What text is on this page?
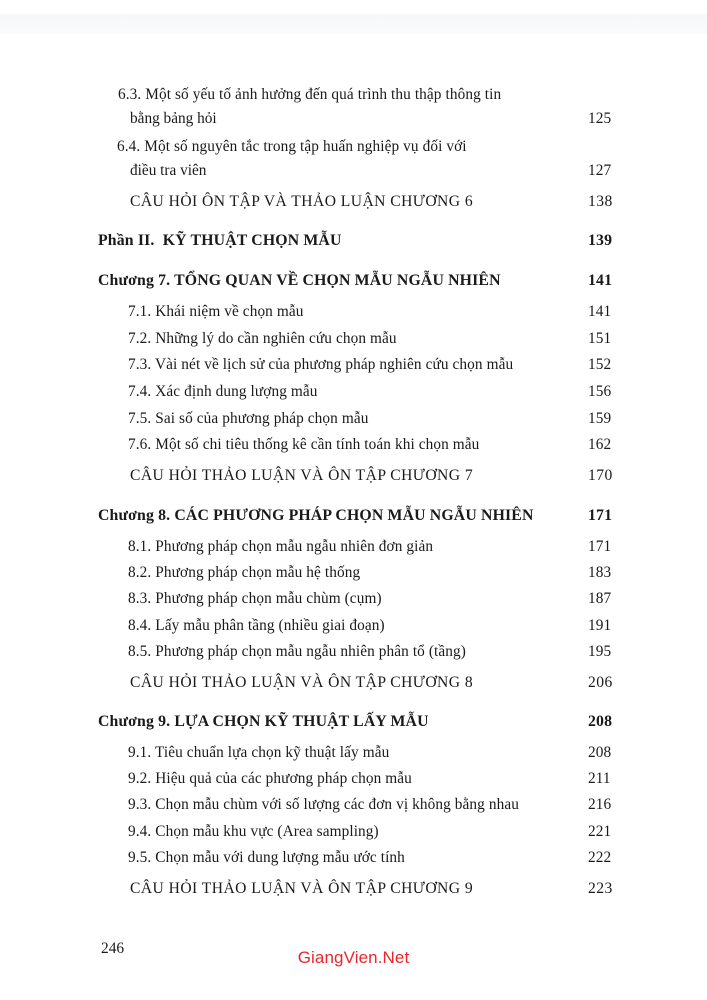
6.3. Một số yếu tố ảnh hưởng đến quá trình thu thập thông tin
bằng bảng hỏi	125
6.4. Một số nguyên tắc trong tập huấn nghiệp vụ đối với
điều tra viên	127
CÂU HỎI ÔN TẬP VÀ THẢO LUẬN CHƯƠNG 6	138
Phần II.  KỸ THUẬT CHỌN MẪU	139
Chương 7. TỔNG QUAN VỀ CHỌN MẪU NGẪU NHIÊN	141
7.1. Khái niệm về chọn mẫu	141
7.2. Những lý do cần nghiên cứu chọn mẫu	151
7.3. Vài nét về lịch sử của phương pháp nghiên cứu chọn mẫu	152
7.4. Xác định dung lượng mẫu	156
7.5. Sai số của phương pháp chọn mẫu	159
7.6. Một số chi tiêu thống kê cần tính toán khi chọn mẫu	162
CÂU HỎI THẢO LUẬN VÀ ÔN TẬP CHƯƠNG 7	170
Chương 8. CÁC PHƯƠNG PHÁP CHỌN MẪU NGẪU NHIÊN	171
8.1. Phương pháp chọn mẫu ngẫu nhiên đơn giản	171
8.2. Phương pháp chọn mẫu hệ thống	183
8.3. Phương pháp chọn mẫu chùm (cụm)	187
8.4. Lấy mẫu phân tầng (nhiều giai đoạn)	191
8.5. Phương pháp chọn mẫu ngẫu nhiên phân tổ (tầng)	195
CÂU HỎI THẢO LUẬN VÀ ÔN TẬP CHƯƠNG 8	206
Chương 9. LỰA CHỌN KỸ THUẬT LẤY MẪU	208
9.1. Tiêu chuẩn lựa chọn kỹ thuật lấy mẫu	208
9.2. Hiệu quả của các phương pháp chọn mẫu	211
9.3. Chọn mẫu chùm với số lượng các đơn vị không bằng nhau	216
9.4. Chọn mẫu khu vực (Area sampling)	221
9.5. Chọn mẫu với dung lượng mẫu ước tính	222
CÂU HỎI THẢO LUẬN VÀ ÔN TẬP CHƯƠNG 9	223
246	GiangVien.Net
